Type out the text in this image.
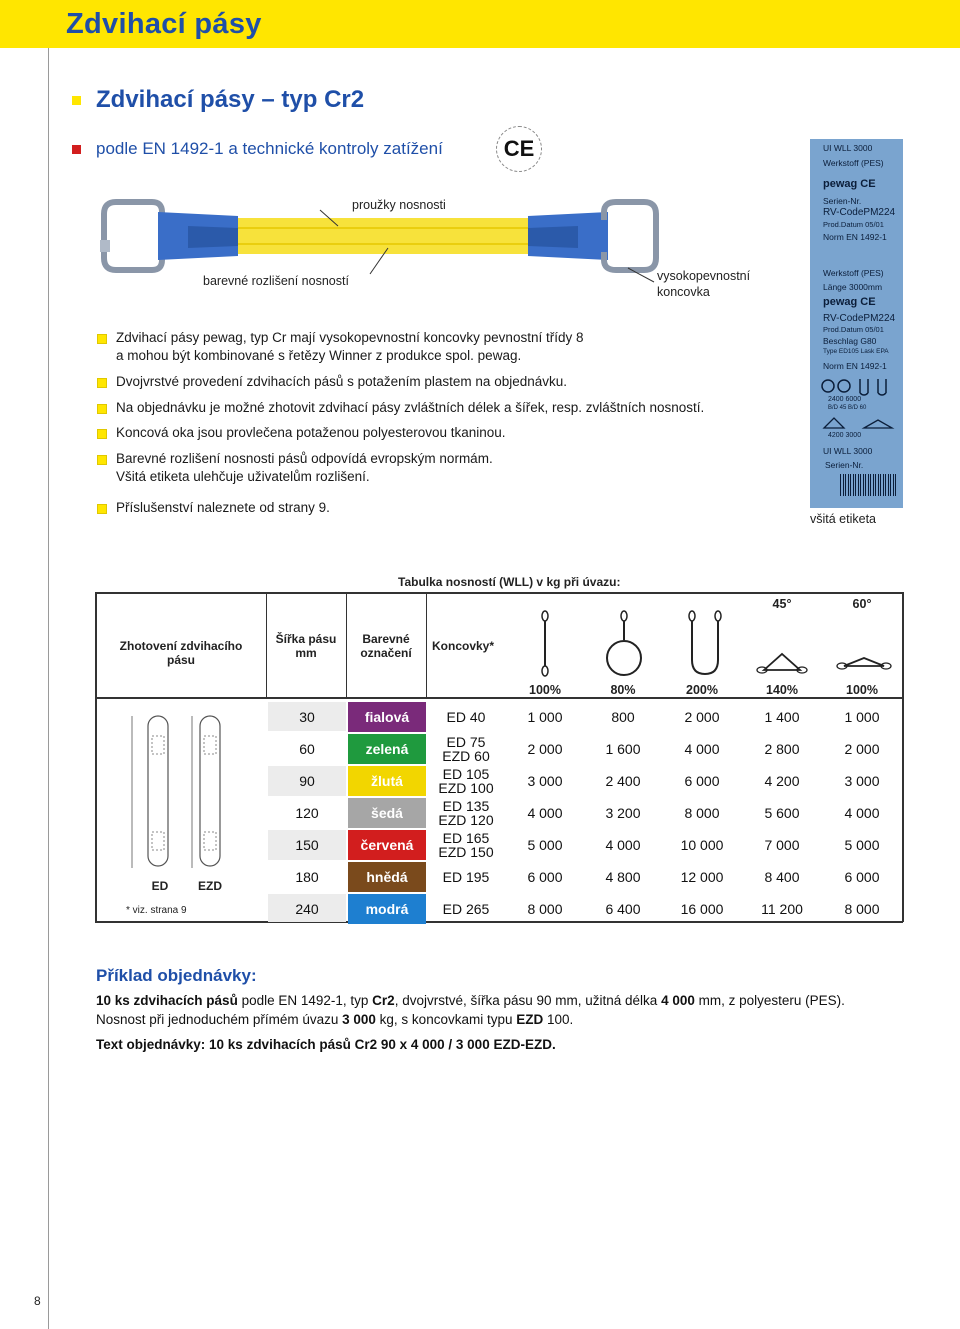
Zdvihací pásy
Zdvihací pásy – typ Cr2
podle EN 1492-1 a technické kontroly zatížení	CE
proužky nosnosti
barevné rozlišení nosností	vysokopevnostní
koncovka
UI WLL 3000
Werkstoff (PES)
pewag CE
Serien-Nr.
RV-CodePM224
Prod.Datum 05/01
Norm EN 1492-1
Werkstoff (PES)
Länge 3000mm
pewag CE
RV-CodePM224
Prod.Datum 05/01
Beschlag G80
Type ED105 Lask EPA
Norm EN 1492-1
2400 6000
B/D 45 B/D 60
4200 3000
UI WLL 3000
Serien-Nr.
všitá etiketa
Zdvihací pásy pewag, typ Cr mají vysokopevnostní koncovky pevnostní třídy 8
a mohou být kombinované s řetězy Winner z produkce spol. pewag.
Dvojvrstvé provedení zdvihacích pásů s potažením plastem na objednávku.
Na objednávku je možné zhotovit zdvihací pásy zvláštních délek a šířek, resp. zvláštních nosností.
Koncová oka jsou provlečena potaženou polyesterovou tkaninou.
Barevné rozlišení nosnosti pásů odpovídá evropským normám.
Všitá etiketa ulehčuje uživatelům rozlišení.
Příslušenství naleznete od strany 9.
Tabulka nosností (WLL) v kg při úvazu:
Zhotovení zdvihacího pásu
Šířka pásu
mm
Barevné
označení	Koncovky*
45°	60°
100%	80%	200%	140%	100%
30	fialová	ED 40	1 000	800	2 000	1 400	1 000
60	zelená	ED 75
EZD 60	2 000	1 600	4 000	2 800	2 000
90	žlutá	ED 105
EZD 100	3 000	2 400	6 000	4 200	3 000
120	šedá	ED 135
EZD 120	4 000	3 200	8 000	5 600	4 000
150	červená	ED 165
EZD 150	5 000	4 000	10 000	7 000	5 000
180	hnědá	ED 195	6 000	4 800	12 000	8 400	6 000
240	modrá	ED 265	8 000	6 400	16 000	11 200	8 000
ED	EZD
* viz. strana 9
Příklad objednávky:
10 ks zdvihacích pásů podle EN 1492-1, typ Cr2, dvojvrstvé, šířka pásu 90 mm, užitná délka 4 000 mm, z polyesteru (PES).
Nosnost při jednoduchém přímém úvazu 3 000 kg, s koncovkami typu EZD 100.
Text objednávky: 10 ks zdvihacích pásů Cr2 90 x 4 000 / 3 000 EZD-EZD.
8
